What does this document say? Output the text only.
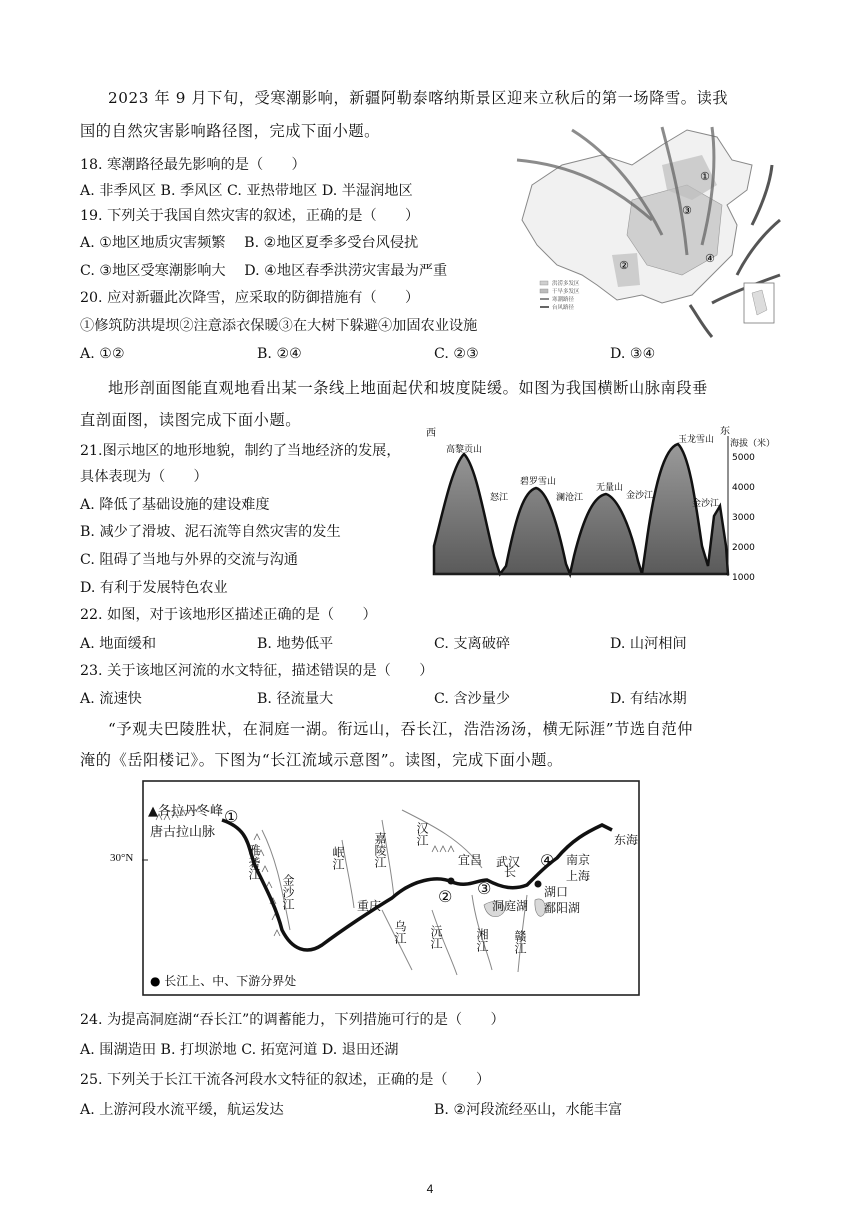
2023 年 9 月下旬，受寒潮影响，新疆阿勒泰喀纳斯景区迎来立秋后的第一场降雪。读我
国的自然灾害影响路径图，完成下面小题。
18. 寒潮路径最先影响的是（　　）
A. 非季风区 B. 季风区 C. 亚热带地区 D. 半湿润地区
19. 下列关于我国自然灾害的叙述，正确的是（　　）
A. ①地区地质灾害频繁　 B. ②地区夏季多受台风侵扰
C. ③地区受寒潮影响大　 D. ④地区春季洪涝灾害最为严重
20. 应对新疆此次降雪，应采取的防御措施有（　　）
①修筑防洪堤坝②注意添衣保暖③在大树下躲避④加固农业设施
A. ①②	B. ②④	C. ②③	D. ③④
①
③
②
④
洪涝多发区
干旱多发区
寒潮路径
台风路径
地形剖面图能直观地看出某一条线上地面起伏和坡度陡缓。如图为我国横断山脉南段垂
直剖面图，读图完成下面小题。
21.图示地区的地形地貌，制约了当地经济的发展，
具体表现为（　　）
A. 降低了基础设施的建设难度
B. 减少了滑坡、泥石流等自然灾害的发生
C. 阻碍了当地与外界的交流与沟通
D. 有利于发展特色农业
西	东
海拔（米）
5000
4000
3000
2000
1000
高黎贡山
碧罗雪山
无量山
玉龙雪山
怒江	澜沧江	金沙江
金沙江
22. 如图，对于该地形区描述正确的是（　　）
A. 地面缓和	B. 地势低平	C. 支离破碎	D. 山河相间
23. 关于该地区河流的水文特征，描述错误的是（　　）
A. 流速快	B. 径流量大	C. 含沙量少	D. 有结冰期
“予观夫巴陵胜状，在洞庭一湖。衔远山，吞长江，浩浩汤汤，横无际涯”节选自范仲
淹的《岳阳楼记》。下图为“长江流域示意图”。读图，完成下面小题。
30°N
▲各拉丹冬峰
唐古拉山脉
①
② ③
④ 南京
上海
东海
武汉
宜昌
重庆
湖口
洞庭湖 鄱阳湖
长
雅砻江
金沙江
岷江 嘉陵江
乌江 沅江	湘江 赣江
汉江
● 长江上、中、下游分界处
24. 为提高洞庭湖“吞长江”的调蓄能力，下列措施可行的是（　　）
A. 围湖造田 B. 打坝淤地 C. 拓宽河道 D. 退田还湖
25. 下列关于长江干流各河段水文特征的叙述，正确的是（　　）
A. 上游河段水流平缓，航运发达	B. ②河段流经巫山，水能丰富
4
